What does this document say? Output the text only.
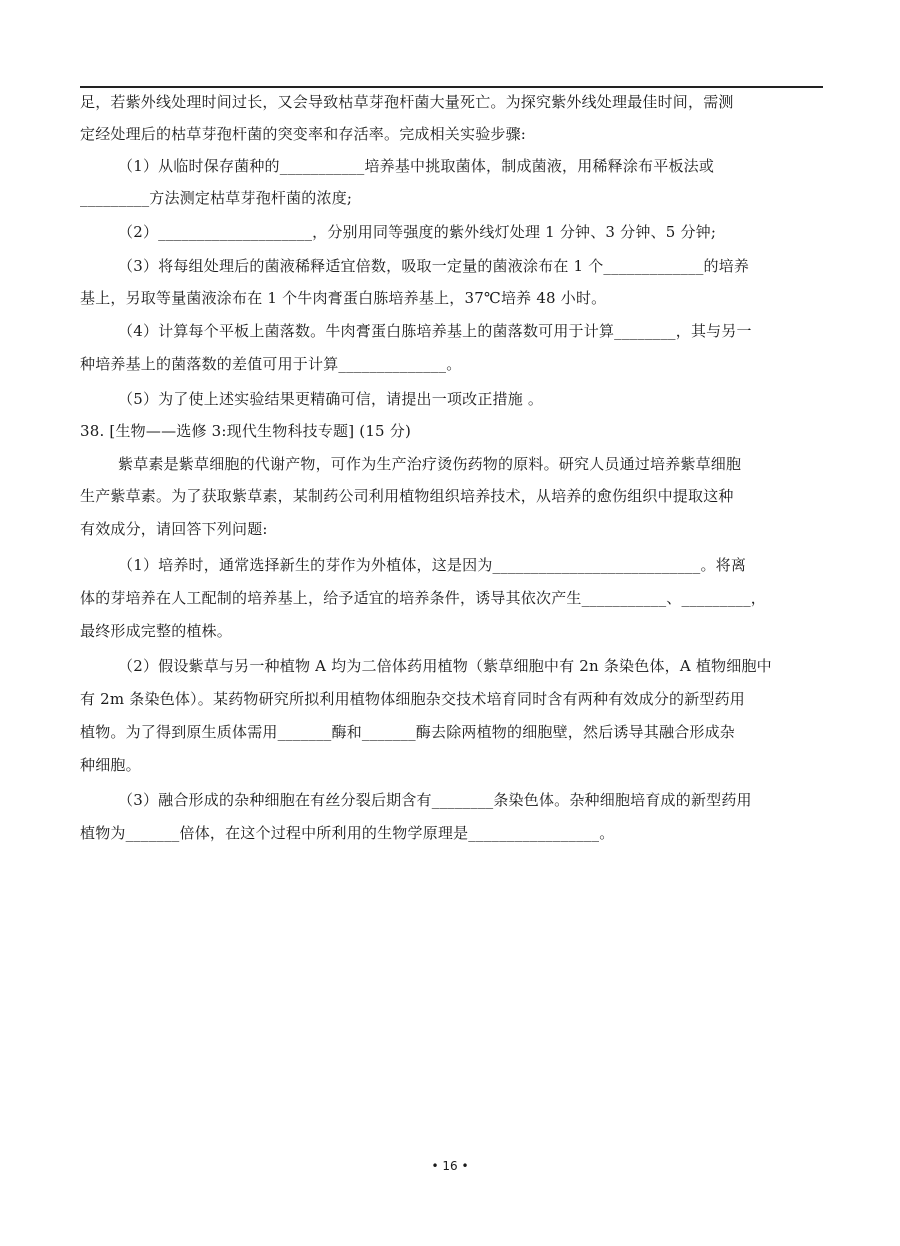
足，若紫外线处理时间过长，又会导致枯草芽孢杆菌大量死亡。为探究紫外线处理最佳时间，需测
定经处理后的枯草芽孢杆菌的突变率和存活率。完成相关实验步骤:
（1）从临时保存菌种的___________培养基中挑取菌体，制成菌液，用稀释涂布平板法或
_________方法测定枯草芽孢杆菌的浓度;
（2）____________________，分别用同等强度的紫外线灯处理 1 分钟、3 分钟、5 分钟;
（3）将每组处理后的菌液稀释适宜倍数，吸取一定量的菌液涂布在 1 个_____________的培养
基上，另取等量菌液涂布在 1 个牛肉膏蛋白胨培养基上，37℃培养 48 小时。
（4）计算每个平板上菌落数。牛肉膏蛋白胨培养基上的菌落数可用于计算________，其与另一
种培养基上的菌落数的差值可用于计算______________。
（5）为了使上述实验结果更精确可信，请提出一项改正措施 。
38. [生物——选修 3:现代生物科技专题] (15 分)
紫草素是紫草细胞的代谢产物，可作为生产治疗烫伤药物的原料。研究人员通过培养紫草细胞
生产紫草素。为了获取紫草素，某制药公司利用植物组织培养技术，从培养的愈伤组织中提取这种
有效成分，请回答下列问题:
（1）培养时，通常选择新生的芽作为外植体，这是因为___________________________。将离
体的芽培养在人工配制的培养基上，给予适宜的培养条件，诱导其依次产生___________、_________，
最终形成完整的植株。
（2）假设紫草与另一种植物 A 均为二倍体药用植物（紫草细胞中有 2n 条染色体，A 植物细胞中
有 2m 条染色体）。某药物研究所拟利用植物体细胞杂交技术培育同时含有两种有效成分的新型药用
植物。为了得到原生质体需用_______酶和_______酶去除两植物的细胞壁，然后诱导其融合形成杂
种细胞。
（3）融合形成的杂种细胞在有丝分裂后期含有________条染色体。杂种细胞培育成的新型药用
植物为_______倍体，在这个过程中所利用的生物学原理是_________________。
• 16 •
